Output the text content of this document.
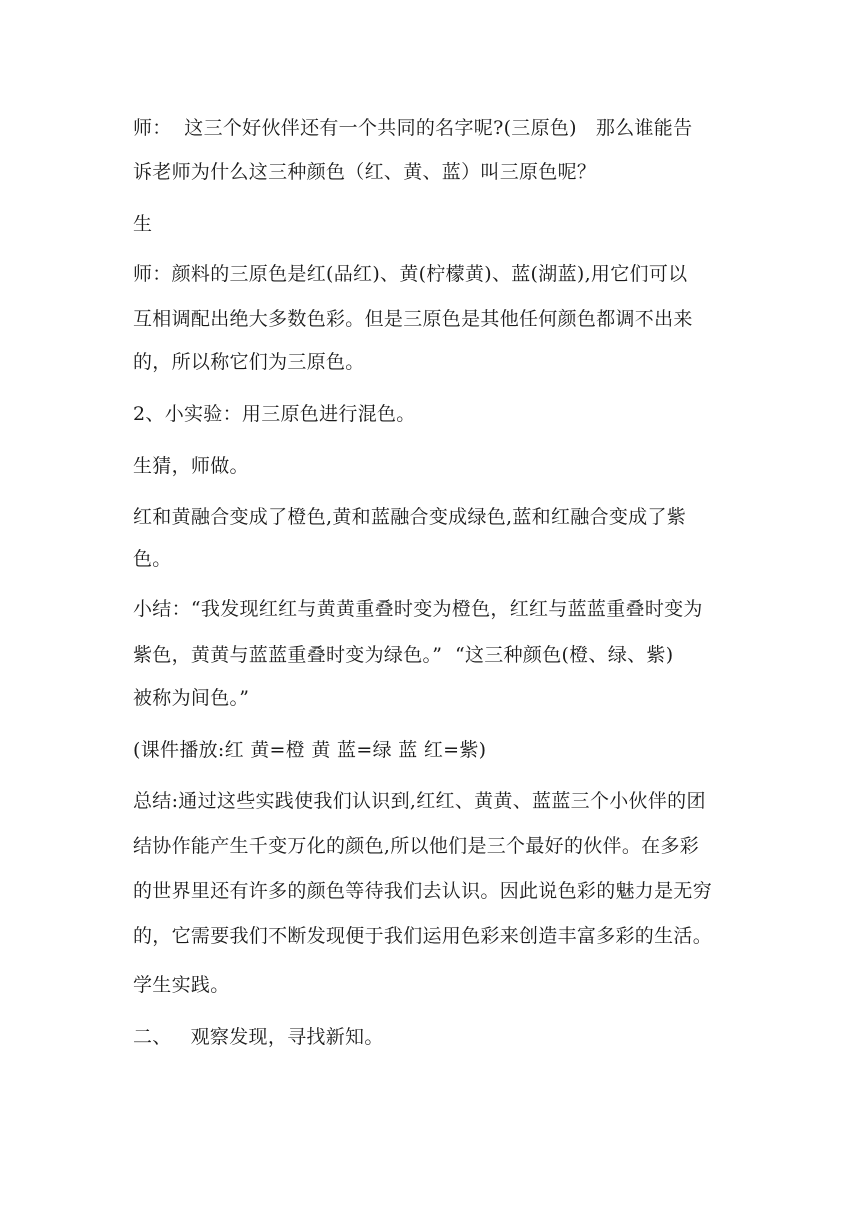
师：  这三个好伙伴还有一个共同的名字呢?(三原色)   那么谁能告
诉老师为什么这三种颜色（红、黄、蓝）叫三原色呢？
生
师：颜料的三原色是红(品红)、黄(柠檬黄)、蓝(湖蓝),用它们可以
互相调配出绝大多数色彩。但是三原色是其他任何颜色都调不出来
的，所以称它们为三原色。
2、小实验：用三原色进行混色。
生猜，师做。
红和黄融合变成了橙色,黄和蓝融合变成绿色,蓝和红融合变成了紫
色。
小结：“我发现红红与黄黄重叠时变为橙色，红红与蓝蓝重叠时变为
紫色，黄黄与蓝蓝重叠时变为绿色。”  “这三种颜色(橙、绿、紫)
被称为间色。”
(课件播放:红 黄=橙 黄 蓝=绿 蓝 红=紫)
总结:通过这些实践使我们认识到,红红、黄黄、蓝蓝三个小伙伴的团
结协作能产生千变万化的颜色,所以他们是三个最好的伙伴。在多彩
的世界里还有许多的颜色等待我们去认识。因此说色彩的魅力是无穷
的，它需要我们不断发现便于我们运用色彩来创造丰富多彩的生活。
学生实践。
二、   观察发现，寻找新知。
